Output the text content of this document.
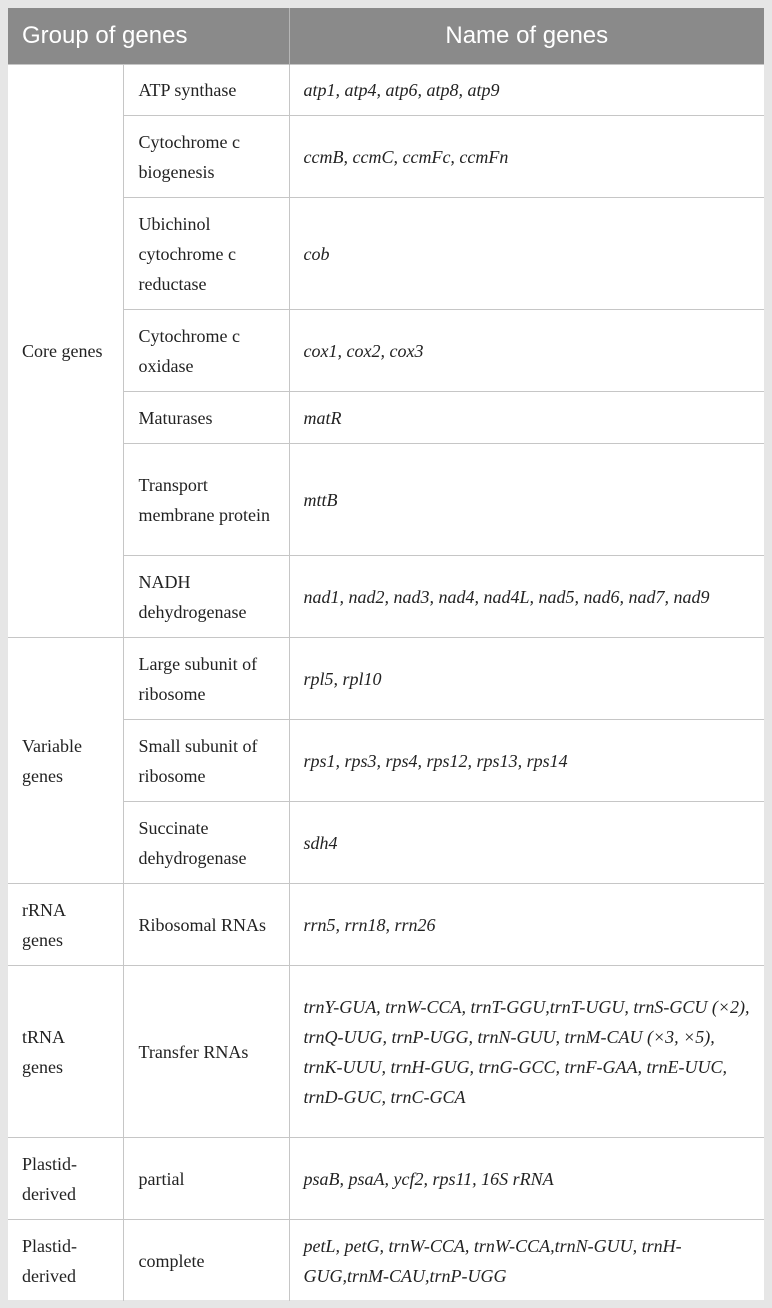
Group of genes		Name of genes
Core genes	ATP synthase	atp1, atp4, atp6, atp8, atp9
	Cytochrome c biogenesis	ccmB, ccmC, ccmFc, ccmFn
	Ubichinol cytochrome c reductase	cob
	Cytochrome c oxidase	cox1, cox2, cox3
	Maturases	matR
	Transport membrane protein	mttB
	NADH dehydrogenase	nad1, nad2, nad3, nad4, nad4L, nad5, nad6, nad7, nad9
Variable genes	Large subunit of ribosome	rpl5, rpl10
	Small subunit of ribosome	rps1, rps3, rps4, rps12, rps13, rps14
	Succinate dehydrogenase	sdh4
rRNA genes	Ribosomal RNAs	rrn5, rrn18, rrn26
tRNA genes	Transfer RNAs	trnY-GUA, trnW-CCA, trnT-GGU,trnT-UGU, trnS-GCU (×2), trnQ-UUG, trnP-UGG, trnN-GUU, trnM-CAU (×3, ×5), trnK-UUU, trnH-GUG, trnG-GCC, trnF-GAA, trnE-UUC, trnD-GUC, trnC-GCA
Plastid-derived	partial	psaB, psaA, ycf2, rps11, 16S rRNA
Plastid-derived	complete	petL, petG, trnW-CCA, trnW-CCA,trnN-GUU, trnH-GUG,trnM-CAU,trnP-UGG
